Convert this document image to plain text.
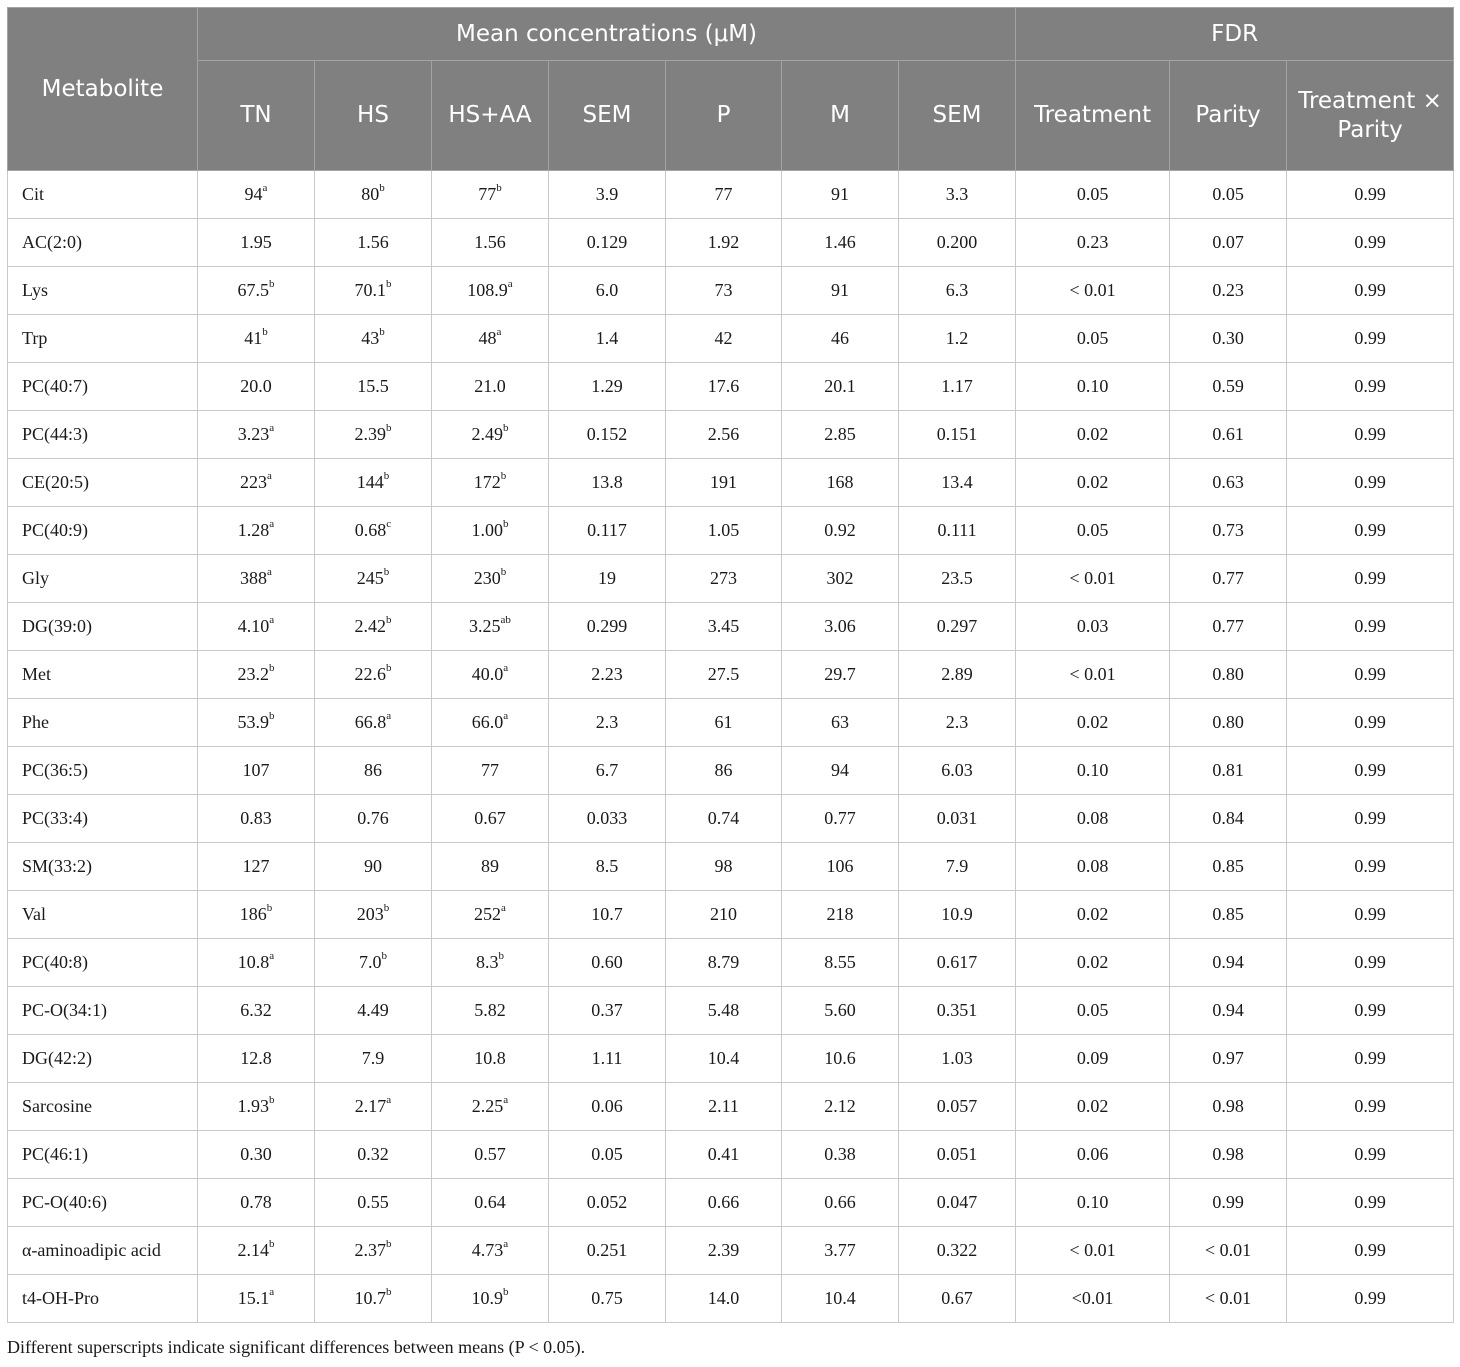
Metabolite	Mean concentrations (μM)							FDR		
	TN	HS	HS+AA	SEM	P	M	SEM	Treatment	Parity	Treatment × Parity
Cit	94$^a$	80$^b$	77$^b$	3.9	77	91	3.3	0.05	0.05	0.99
AC(2:0)	1.95	1.56	1.56	0.129	1.92	1.46	0.200	0.23	0.07	0.99
Lys	67.5$^b$	70.1$^b$	108.9$^a$	6.0	73	91	6.3	< 0.01	0.23	0.99
Trp	41$^b$	43$^b$	48$^a$	1.4	42	46	1.2	0.05	0.30	0.99
PC(40:7)	20.0	15.5	21.0	1.29	17.6	20.1	1.17	0.10	0.59	0.99
PC(44:3)	3.23$^a$	2.39$^b$	2.49$^b$	0.152	2.56	2.85	0.151	0.02	0.61	0.99
CE(20:5)	223$^a$	144$^b$	172$^b$	13.8	191	168	13.4	0.02	0.63	0.99
PC(40:9)	1.28$^a$	0.68$^c$	1.00$^b$	0.117	1.05	0.92	0.111	0.05	0.73	0.99
Gly	388$^a$	245$^b$	230$^b$	19	273	302	23.5	< 0.01	0.77	0.99
DG(39:0)	4.10$^a$	2.42$^b$	3.25$^{ab}$	0.299	3.45	3.06	0.297	0.03	0.77	0.99
Met	23.2$^b$	22.6$^b$	40.0$^a$	2.23	27.5	29.7	2.89	< 0.01	0.80	0.99
Phe	53.9$^b$	66.8$^a$	66.0$^a$	2.3	61	63	2.3	0.02	0.80	0.99
PC(36:5)	107	86	77	6.7	86	94	6.03	0.10	0.81	0.99
PC(33:4)	0.83	0.76	0.67	0.033	0.74	0.77	0.031	0.08	0.84	0.99
SM(33:2)	127	90	89	8.5	98	106	7.9	0.08	0.85	0.99
Val	186$^b$	203$^b$	252$^a$	10.7	210	218	10.9	0.02	0.85	0.99
PC(40:8)	10.8$^a$	7.0$^b$	8.3$^b$	0.60	8.79	8.55	0.617	0.02	0.94	0.99
PC-O(34:1)	6.32	4.49	5.82	0.37	5.48	5.60	0.351	0.05	0.94	0.99
DG(42:2)	12.8	7.9	10.8	1.11	10.4	10.6	1.03	0.09	0.97	0.99
Sarcosine	1.93$^b$	2.17$^a$	2.25$^a$	0.06	2.11	2.12	0.057	0.02	0.98	0.99
PC(46:1)	0.30	0.32	0.57	0.05	0.41	0.38	0.051	0.06	0.98	0.99
PC-O(40:6)	0.78	0.55	0.64	0.052	0.66	0.66	0.047	0.10	0.99	0.99
α-aminoadipic acid	2.14$^b$	2.37$^b$	4.73$^a$	0.251	2.39	3.77	0.322	< 0.01	< 0.01	0.99
t4-OH-Pro	15.1$^a$	10.7$^b$	10.9$^b$	0.75	14.0	10.4	0.67	<0.01	< 0.01	0.99
Different superscripts indicate significant differences between means (P < 0.05).
